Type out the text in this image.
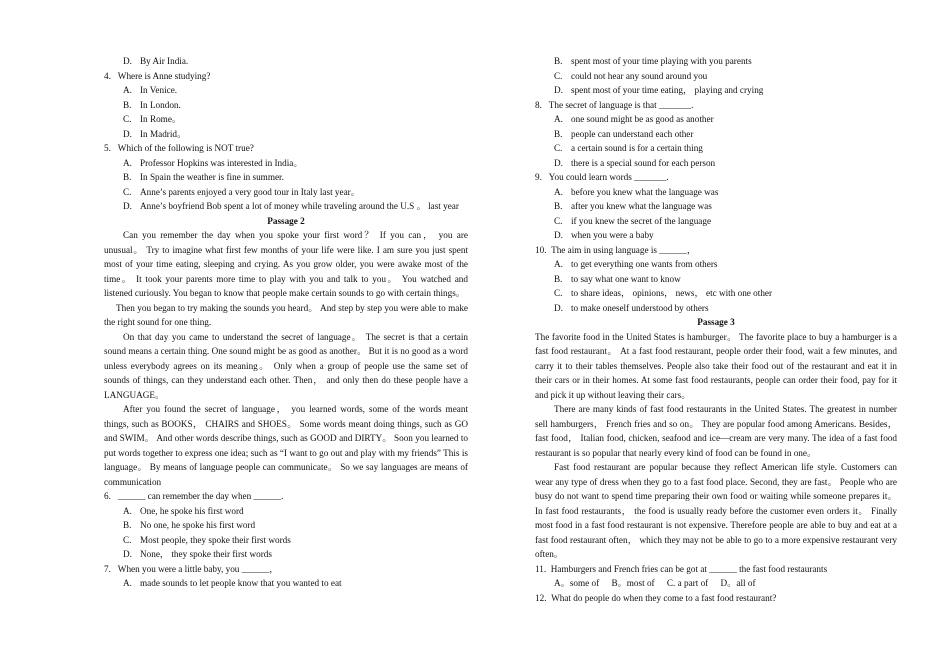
D. By Air India.
4. Where is Anne studying?
A. In Venice.
B. In London.
C. In Rome。
D. In Madrid。
5. Which of the following is NOT true?
A. Professor Hopkins was interested in India。
B. In Spain the weather is fine in summer.
C. Anne’s parents enjoyed a very good tour in Italy last year。
D. Anne’s boyfriend Bob spent a lot of money while traveling around the U.S 。 last year
Passage 2
Can you remember the day when you spoke your first word？ If you can， you are unusual。 Try to imagine what first few months of your life were like. I am sure you just spent most of your time eating, sleeping and crying. As you grow older, you were awake most of the time。 It took your parents more time to play with you and talk to you。 You watched and listened curiously. You began to know that people make certain sounds to go with certain things。
Then you began to try making the sounds you heard。 And step by step you were able to make the right sound for one thing.
On that day you came to understand the secret of language。 The secret is that a certain sound means a certain thing. One sound might be as good as another。 But it is no good as a word unless everybody agrees on its meaning。 Only when a group of people use the same set of sounds of things, can they understand each other. Then， and only then do these people have a LANGUAGE。
After you found the secret of language， you learned words, some of the words meant things, such as BOOKS， CHAIRS and SHOES。 Some words meant doing things, such as GO and SWIM。 And other words describe things, such as GOOD and DIRTY。 Soon you learned to put words together to express one idea; such as “I want to go out and play with my friends” This is language。 By means of language people can communicate。 So we say languages are means of communication
6. ______ can remember the day when ______.
A. One, he spoke his first word
B. No one, he spoke his first word
C. Most people, they spoke their first words
D. None， they spoke their first words
7. When you were a little baby, you ______，
A. made sounds to let people know that you wanted to eat
B. spent most of your time playing with you parents
C. could not hear any sound around you
D. spent most of your time eating， playing and crying
8. The secret of language is that _______.
A. one sound might be as good as another
B. people can understand each other
C. a certain sound is for a certain thing
D. there is a special sound for each person
9. You could learn words _______.
A. before you knew what the language was
B. after you knew what the language was
C. if you knew the secret of the language
D. when you were a baby
10. The aim in using language is ______，
A. to get everything one wants from others
B. to say what one want to know
C. to share ideas， opinions， news， etc with one other
D. to make oneself understood by others
Passage 3
The favorite food in the United States is hamburger。 The favorite place to buy a hamburger is a fast food restaurant。 At a fast food restaurant, people order their food, wait a few minutes, and carry it to their tables themselves. People also take their food out of the restaurant and eat it in their cars or in their homes. At some fast food restaurants, people can order their food, pay for it and pick it up without leaving their cars。
There are many kinds of fast food restaurants in the United States. The greatest in number sell hamburgers， French fries and so on。 They are popular food among Americans. Besides， fast food， Italian food, chicken, seafood and ice—cream are very many. The idea of a fast food restaurant is so popular that nearly every kind of food can be found in one。
Fast food restaurant are popular because they reflect American life style. Customers can wear any type of dress when they go to a fast food place. Second, they are fast。 People who are busy do not want to spend time preparing their own food or waiting while someone prepares it。 In fast food restaurants， the food is usually ready before the customer even orders it。 Finally most food in a fast food restaurant is not expensive. Therefore people are able to buy and eat at a fast food restaurant often， which they may not be able to go to a more expensive restaurant very often。
11. Hamburgers and French fries can be got at ______ the fast food restaurants
A。some of B。most of C. a part of D。all of
12. What do people do when they come to a fast food restaurant?
